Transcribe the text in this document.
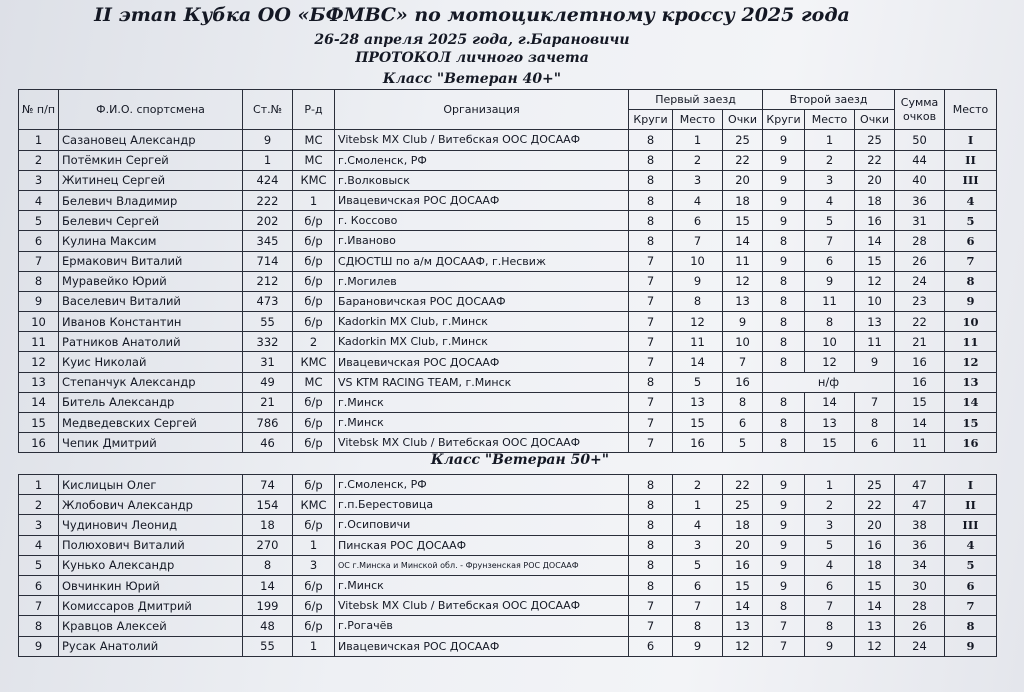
II этап Кубка ОО «БФМВС» по мотоциклетному кроссу 2025 года
26-28 апреля 2025 года, г.Барановичи
ПРОТОКОЛ личного зачета
Класс "Ветеран 40+"
№ п/п	Ф.И.О. спортсмена	Ст.№	Р-д	Организация	Первый заезд			Второй заезд			Сумма очков	Место
					Круги	Место	Очки	Круги	Место	Очки		
1	Сазановец Александр	9	МС	Vitebsk MX Club / Витебская ООС ДОСААФ	8	1	25	9	1	25	50	I
2	Потёмкин Сергей	1	МС	г.Смоленск, РФ	8	2	22	9	2	22	44	II
3	Житинец Сергей	424	КМС	г.Волковыск	8	3	20	9	3	20	40	III
4	Белевич Владимир	222	1	Ивацевичская РОС ДОСААФ	8	4	18	9	4	18	36	4
5	Белевич Сергей	202	б/р	г. Коссово	8	6	15	9	5	16	31	5
6	Кулина Максим	345	б/р	г.Иваново	8	7	14	8	7	14	28	6
7	Ермакович Виталий	714	б/р	СДЮСТШ по а/м ДОСААФ, г.Несвиж	7	10	11	9	6	15	26	7
8	Муравейко Юрий	212	б/р	г.Могилев	7	9	12	8	9	12	24	8
9	Васелевич Виталий	473	б/р	Барановичская РОС ДОСААФ	7	8	13	8	11	10	23	9
10	Иванов Константин	55	б/р	Kadorkin MX Club, г.Минск	7	12	9	8	8	13	22	10
11	Ратников Анатолий	332	2	Kadorkin MX Club, г.Минск	7	11	10	8	10	11	21	11
12	Куис Николай	31	КМС	Ивацевичская РОС ДОСААФ	7	14	7	8	12	9	16	12
13	Степанчук Александр	49	МС	VS KTM RACING TEAM, г.Минск	8	5	16	н/ф			16	13
14	Битель Александр	21	б/р	г.Минск	7	13	8	8	14	7	15	14
15	Медведевских Сергей	786	б/р	г.Минск	7	15	6	8	13	8	14	15
16	Чепик Дмитрий	46	б/р	Vitebsk MX Club / Витебская ООС ДОСААФ	7	16	5	8	15	6	11	16
Класс "Ветеран 50+"
1	Кислицын Олег	74	б/р	г.Смоленск, РФ	8	2	22	9	1	25	47	I
2	Жлобович Александр	154	КМС	г.п.Берестовица	8	1	25	9	2	22	47	II
3	Чудинович Леонид	18	б/р	г.Осиповичи	8	4	18	9	3	20	38	III
4	Полюхович Виталий	270	1	Пинская РОС ДОСААФ	8	3	20	9	5	16	36	4
5	Кунько Александр	8	3	ОС г.Минска и Минской обл. - Фрунзенская РОС ДОСААФ	8	5	16	9	4	18	34	5
6	Овчинкин Юрий	14	б/р	г.Минск	8	6	15	9	6	15	30	6
7	Комиссаров Дмитрий	199	б/р	Vitebsk MX Club / Витебская ООС ДОСААФ	7	7	14	8	7	14	28	7
8	Кравцов Алексей	48	б/р	г.Рогачёв	7	8	13	7	8	13	26	8
9	Русак Анатолий	55	1	Ивацевичская РОС ДОСААФ	6	9	12	7	9	12	24	9
